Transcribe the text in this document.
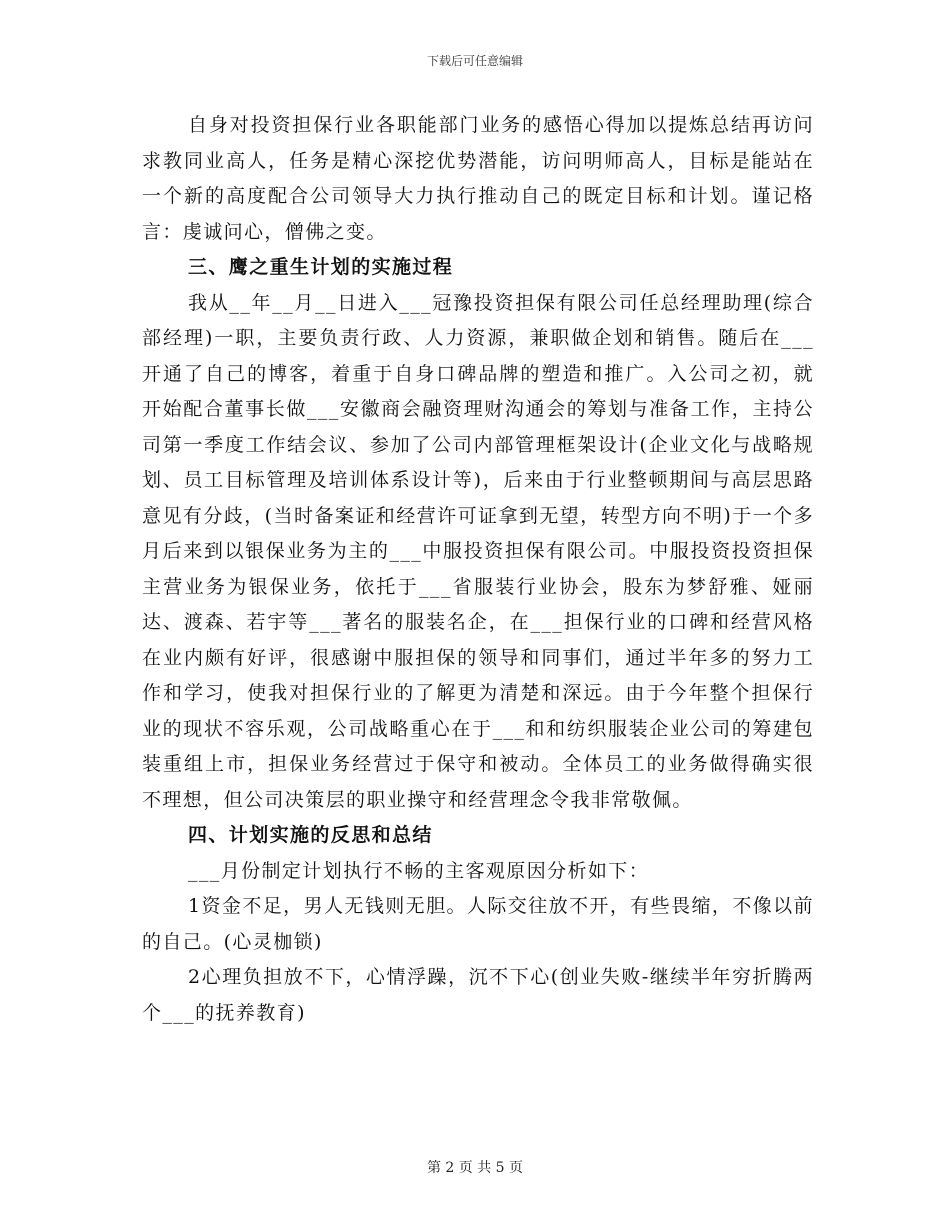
下载后可任意编辑

自身对投资担保行业各职能部门业务的感悟心得加以提炼总结再访问求教同业高人，任务是精心深挖优势潜能，访问明师高人，目标是能站在一个新的高度配合公司领导大力执行推动自己的既定目标和计划。谨记格言：虔诚问心，僧佛之变。

三、鹰之重生计划的实施过程

我从__年__月__日进入___冠豫投资担保有限公司任总经理助理(综合部经理)一职，主要负责行政、人力资源，兼职做企划和销售。随后在___开通了自己的博客，着重于自身口碑品牌的塑造和推广。入公司之初，就开始配合董事长做___安徽商会融资理财沟通会的筹划与准备工作，主持公司第一季度工作结会议、参加了公司内部管理框架设计(企业文化与战略规划、员工目标管理及培训体系设计等)，后来由于行业整顿期间与高层思路意见有分歧，(当时备案证和经营许可证拿到无望，转型方向不明)于一个多月后来到以银保业务为主的___中服投资担保有限公司。中服投资投资担保主营业务为银保业务，依托于___省服装行业协会，股东为梦舒雅、娅丽达、渡森、若宇等___著名的服装名企，在___担保行业的口碑和经营风格在业内颇有好评，很感谢中服担保的领导和同事们，通过半年多的努力工作和学习，使我对担保行业的了解更为清楚和深远。由于今年整个担保行业的现状不容乐观，公司战略重心在于___和和纺织服装企业公司的筹建包装重组上市，担保业务经营过于保守和被动。全体员工的业务做得确实很不理想，但公司决策层的职业操守和经营理念令我非常敬佩。

四、计划实施的反思和总结

___月份制定计划执行不畅的主客观原因分析如下：

1资金不足，男人无钱则无胆。人际交往放不开，有些畏缩，不像以前的自己。(心灵枷锁)

2心理负担放不下，心情浮躁，沉不下心(创业失败-继续半年穷折腾两个___的抚养教育)

第 2 页 共 5 页
